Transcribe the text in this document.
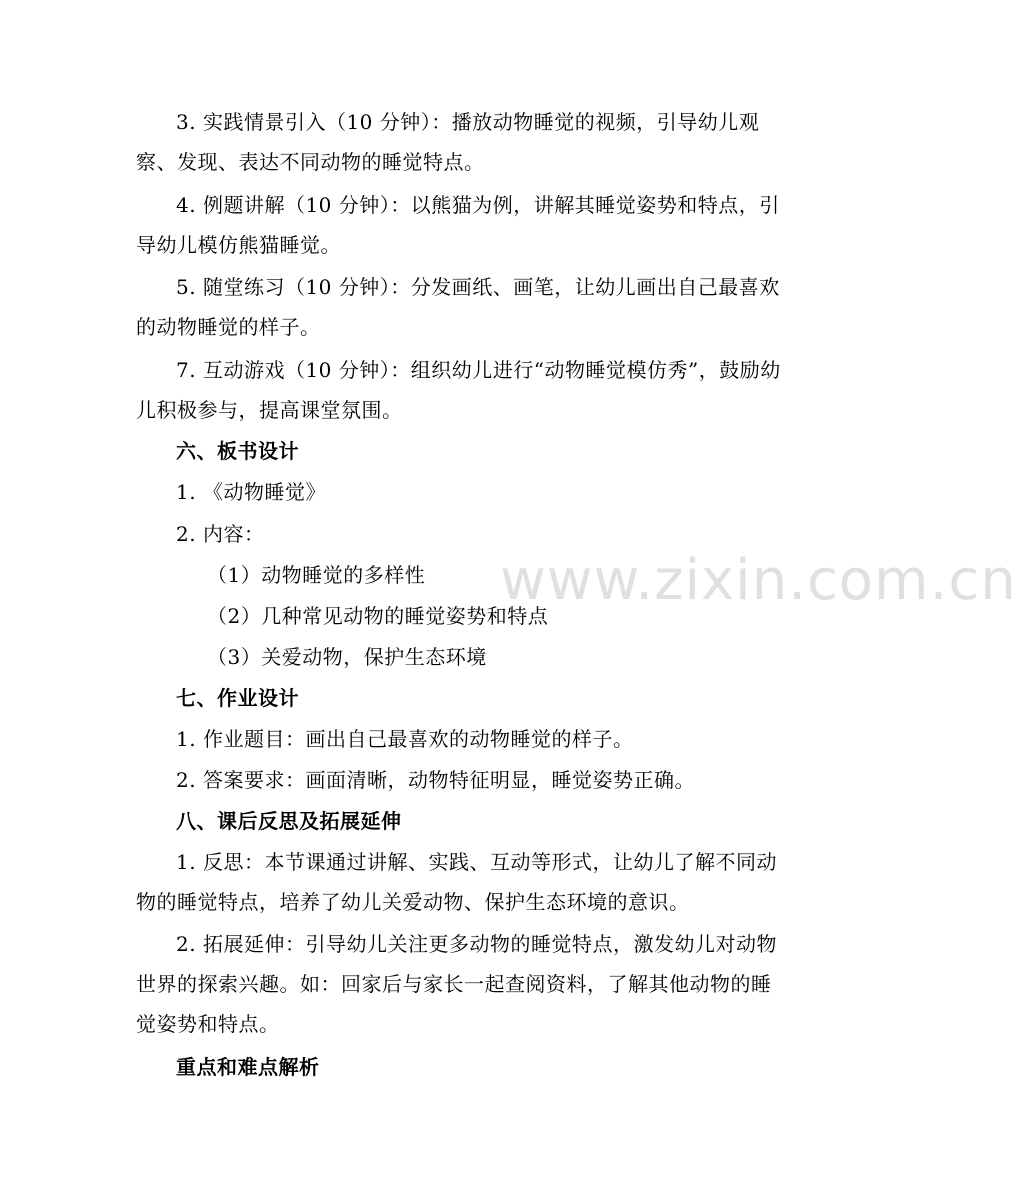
3. 实践情景引入（10 分钟）：播放动物睡觉的视频，引导幼儿观察、发现、表达不同动物的睡觉特点。

4. 例题讲解（10 分钟）：以熊猫为例，讲解其睡觉姿势和特点，引导幼儿模仿熊猫睡觉。

5. 随堂练习（10 分钟）：分发画纸、画笔，让幼儿画出自己最喜欢的动物睡觉的样子。

7. 互动游戏（10 分钟）：组织幼儿进行“动物睡觉模仿秀”，鼓励幼儿积极参与，提高课堂氛围。

六、板书设计

1. 《动物睡觉》

2. 内容：

（1）动物睡觉的多样性

（2）几种常见动物的睡觉姿势和特点

（3）关爱动物，保护生态环境

七、作业设计

1. 作业题目：画出自己最喜欢的动物睡觉的样子。

2. 答案要求：画面清晰，动物特征明显，睡觉姿势正确。

八、课后反思及拓展延伸

1. 反思：本节课通过讲解、实践、互动等形式，让幼儿了解不同动物的睡觉特点，培养了幼儿关爱动物、保护生态环境的意识。

2. 拓展延伸：引导幼儿关注更多动物的睡觉特点，激发幼儿对动物世界的探索兴趣。如：回家后与家长一起查阅资料，了解其他动物的睡觉姿势和特点。

重点和难点解析

www.zixin.com.cn
